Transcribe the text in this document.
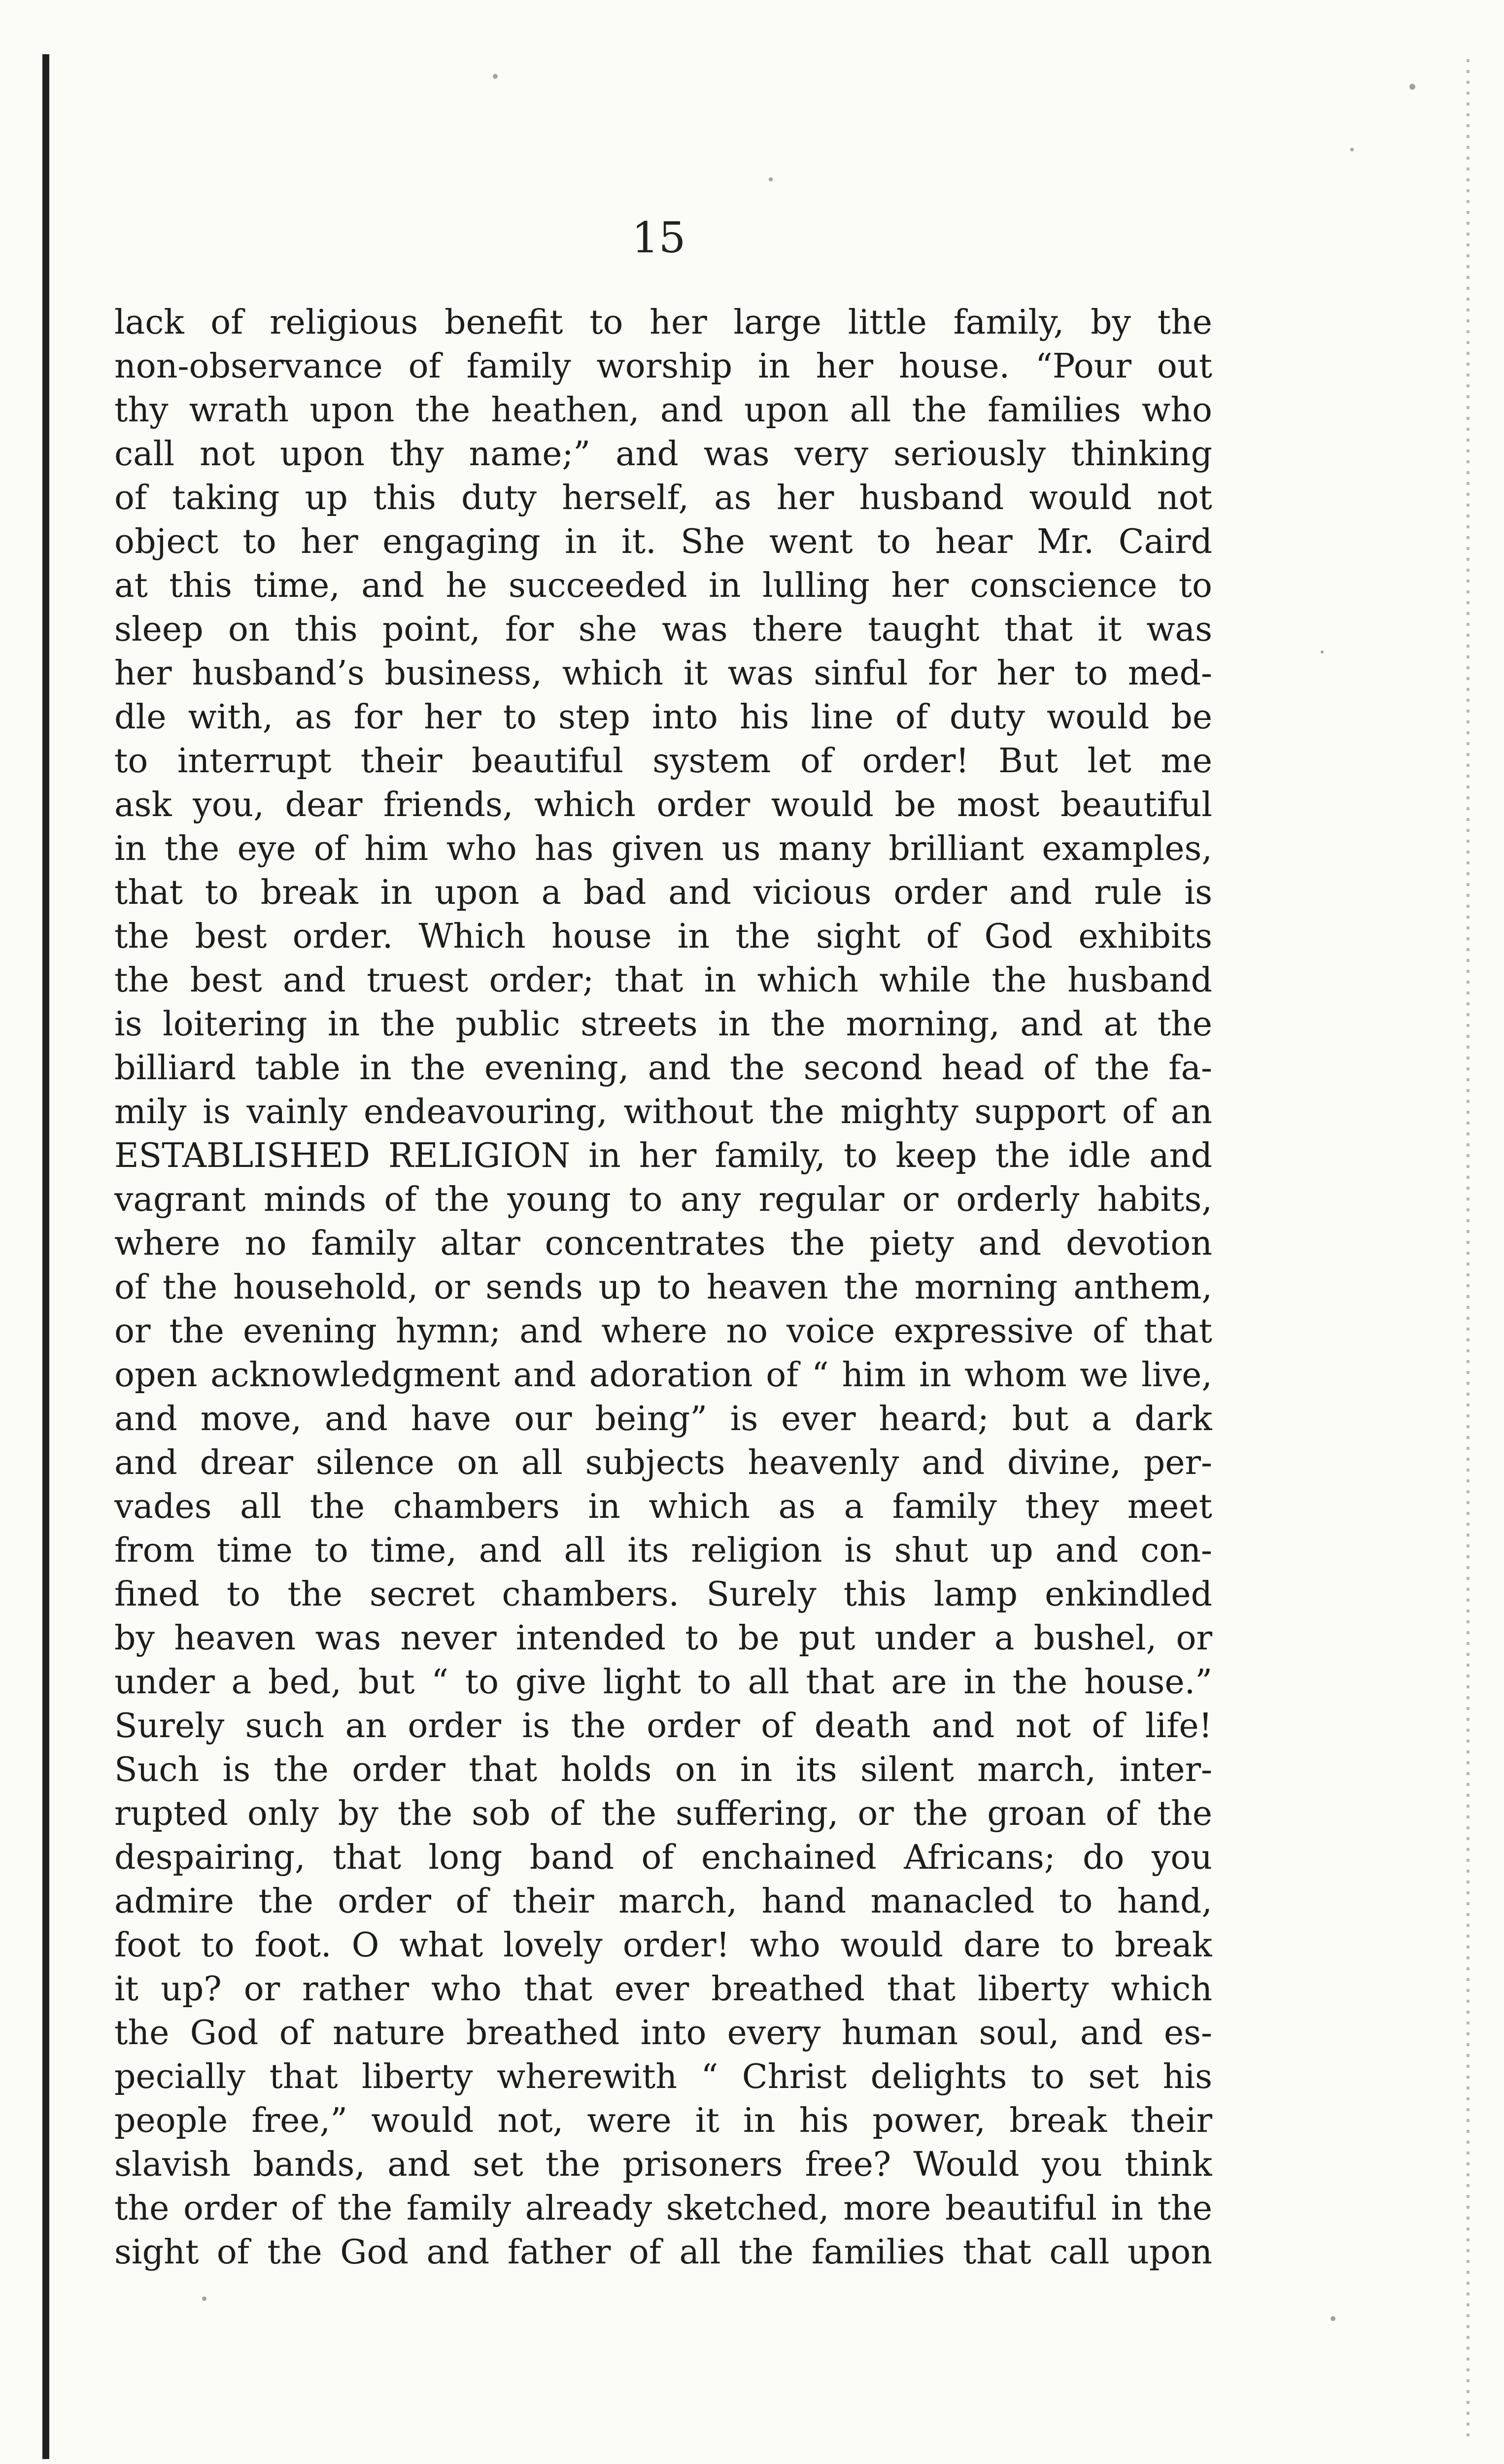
15
lack of religious benefit to her large little family, by the
non-observance of family worship in her house. “Pour out
thy wrath upon the heathen, and upon all the families who
call not upon thy name;” and was very seriously thinking
of taking up this duty herself, as her husband would not
object to her engaging in it. She went to hear Mr. Caird
at this time, and he succeeded in lulling her conscience to
sleep on this point, for she was there taught that it was
her husband’s business, which it was sinful for her to med-
dle with, as for her to step into his line of duty would be
to interrupt their beautiful system of order! But let me
ask you, dear friends, which order would be most beautiful
in the eye of him who has given us many brilliant examples,
that to break in upon a bad and vicious order and rule is
the best order. Which house in the sight of God exhibits
the best and truest order; that in which while the husband
is loitering in the public streets in the morning, and at the
billiard table in the evening, and the second head of the fa-
mily is vainly endeavouring, without the mighty support of an
ESTABLISHED RELIGION in her family, to keep the idle and
vagrant minds of the young to any regular or orderly habits,
where no family altar concentrates the piety and devotion
of the household, or sends up to heaven the morning anthem,
or the evening hymn; and where no voice expressive of that
open acknowledgment and adoration of “ him in whom we live,
and move, and have our being” is ever heard; but a dark
and drear silence on all subjects heavenly and divine, per-
vades all the chambers in which as a family they meet
from time to time, and all its religion is shut up and con-
fined to the secret chambers. Surely this lamp enkindled
by heaven was never intended to be put under a bushel, or
under a bed, but “ to give light to all that are in the house.”
Surely such an order is the order of death and not of life!
Such is the order that holds on in its silent march, inter-
rupted only by the sob of the suffering, or the groan of the
despairing, that long band of enchained Africans; do you
admire the order of their march, hand manacled to hand,
foot to foot. O what lovely order! who would dare to break
it up? or rather who that ever breathed that liberty which
the God of nature breathed into every human soul, and es-
pecially that liberty wherewith “ Christ delights to set his
people free,” would not, were it in his power, break their
slavish bands, and set the prisoners free? Would you think
the order of the family already sketched, more beautiful in the
sight of the God and father of all the families that call upon
